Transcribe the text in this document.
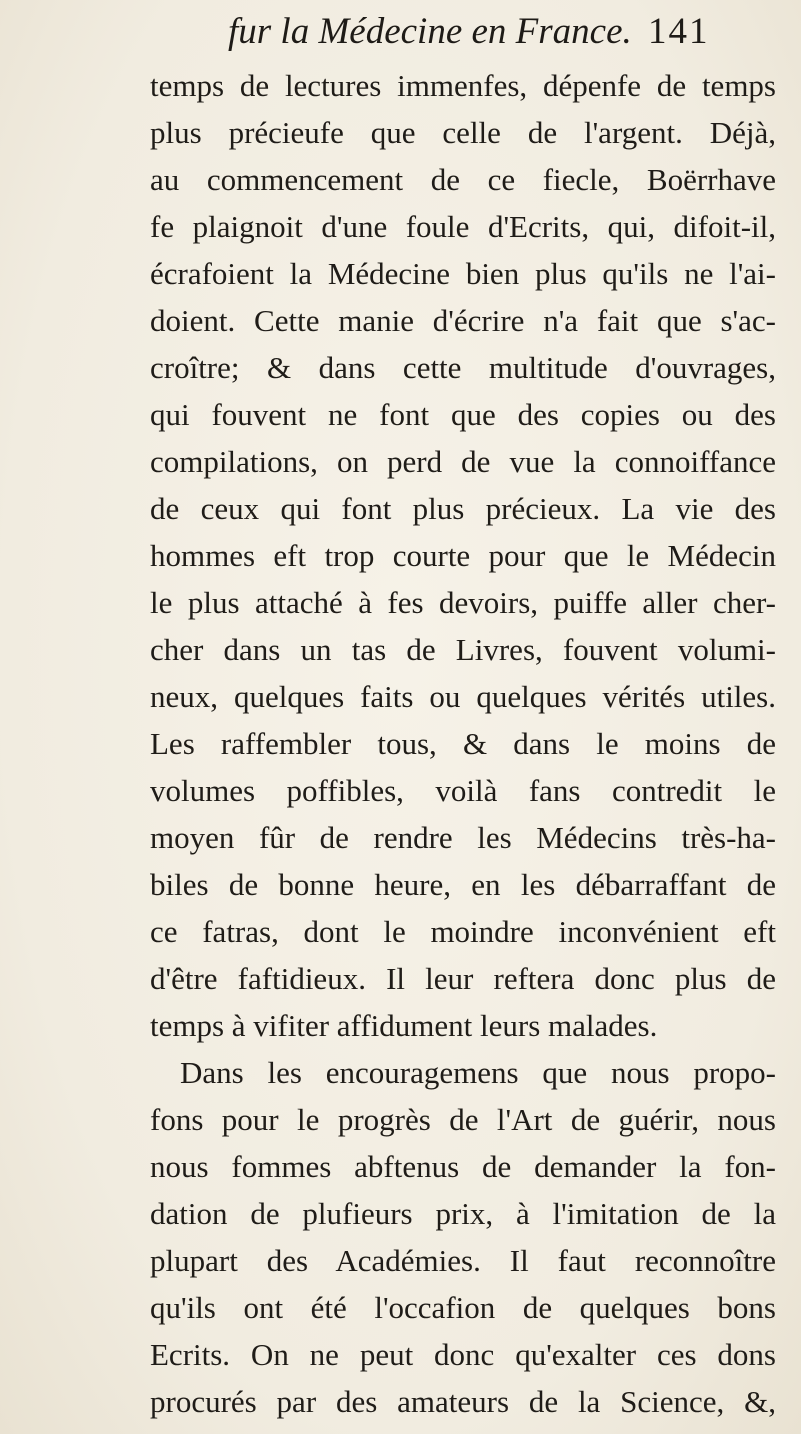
fur la Médecine en France. 141
temps de lectures immenfes, dépenfe de temps
plus précieufe que celle de l'argent. Déjà,
au commencement de ce fiecle, Boërrhave
fe plaignoit d'une foule d'Ecrits, qui, difoit-il,
écrafoient la Médecine bien plus qu'ils ne l'ai-
doient. Cette manie d'écrire n'a fait que s'ac-
croître; & dans cette multitude d'ouvrages,
qui fouvent ne font que des copies ou des
compilations, on perd de vue la connoiffance
de ceux qui font plus précieux. La vie des
hommes eft trop courte pour que le Médecin
le plus attaché à fes devoirs, puiffe aller cher-
cher dans un tas de Livres, fouvent volumi-
neux, quelques faits ou quelques vérités utiles.
Les raffembler tous, & dans le moins de
volumes poffibles, voilà fans contredit le
moyen fûr de rendre les Médecins très-ha-
biles de bonne heure, en les débarraffant de
ce fatras, dont le moindre inconvénient eft
d'être faftidieux. Il leur reftera donc plus de
temps à vifiter affidument leurs malades.
Dans les encouragemens que nous propo-
fons pour le progrès de l'Art de guérir, nous
nous fommes abftenus de demander la fon-
dation de plufieurs prix, à l'imitation de la
plupart des Académies. Il faut reconnoître
qu'ils ont été l'occafion de quelques bons
Ecrits. On ne peut donc qu'exalter ces dons
procurés par des amateurs de la Science, &,
